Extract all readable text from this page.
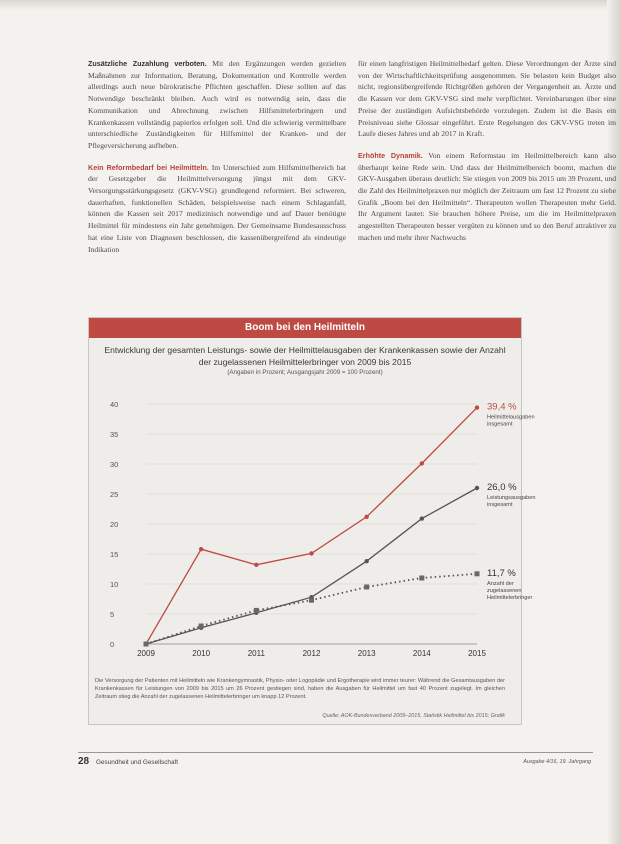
Zusätzliche Zuzahlung verboten. Mit den Ergänzungen werden gezielten Maßnahmen zur Information, Beratung, Dokumentation und Kontrolle werden allerdings auch neue bürokratische Pflichten geschaffen. Diese sollten auf das Notwendige beschränkt bleiben. Auch wird es notwendig sein, dass die Kommunikation und Abrechnung zwischen Hilfsmittelerbringern und Krankenkassen vollständig papierlos erfolgen soll. Und die schwierig vermittelbare unterschiedliche Zuständigkeiten für Hilfsmittel der Kranken- und der Pflegeversicherung aufheben.

Kein Reformbedarf bei Heilmitteln. Im Unterschied zum Hilfsmittelbereich hat der Gesetzgeber die Heilmittelversorgung jüngst mit dem GKV-Versorgungsstärkungsgesetz (GKV-VSG) grundlegend reformiert. Bei schweren, dauerhaften, funktionellen Schäden, beispielsweise nach einem Schlaganfall, können die Kassen seit 2017 medizinisch notwendige und auf Dauer benötigte Heilmittel für mindestens ein Jahr genehmigen. Der Gemeinsame Bundesausschuss hat eine Liste von Diagnosen beschlossen, die kassenübergreifend als eindeutige Indikation

für einen langfristigen Heilmittelbedarf gelten. Diese Verordnungen der Ärzte sind von der Wirtschaftlichkeitsprüfung ausgenommen. Sie belasten kein Budget also nicht, regionsübergreifende Richtgrößen gehören der Vergangenheit an. Ärzte und die Kassen vor dem GKV-VSG sind mehr verpflichtet. Vereinbarungen über eine Preise der zuständigen Aufsichtsbehörde vorzulegen. Zudem ist die Basis ein Preisniveau siehe Glossar eingeführt. Erste Regelungen des GKV-VSG treten im Laufe dieses Jahres und ab 2017 in Kraft.

Erhöhte Dynamik. Von einem Reformstau im Heilmittelbereich kann also überhaupt keine Rede sein. Und dass der Heilmittelbereich boomt, machen die GKV-Ausgaben überaus deutlich: Sie stiegen von 2009 bis 2015 um 39 Prozent, und die Zahl des Heilmittelpraxen nur möglich der Zeitraum um fast 12 Prozent zu siehe Grafik „Boom bei den Heilmitteln“. Therapeuten wollen Therapeuten mehr Geld. Ihr Argument lautet: Sie brauchen höhere Preise, um die im Heilmittelpraxen angestellten Therapeuten besser vergüten zu können und so den Beruf attraktiver zu machen und mehr ihrer Nachwuchs

Boom bei den Heilmitteln
Entwicklung der gesamten Leistungs- sowie der Heilmittelausgaben der Krankenkassen sowie der Anzahl der zugelassenen Heilmittelerbringer von 2009 bis 2015
(Angaben in Prozent; Ausgangsjahr 2009 = 100 Prozent)
0
5
10
15
20
25
30
35
40
2009	2010	2011	2012	2013	2014	2015
39,4 %
Heilmittelausgaben
insgesamt
26,0 %
Leistungsausgaben
insgesamt
11,7 %
Anzahl der
zugelassenen
Heilmittelerbringer
Die Versorgung der Patienten mit Heilmitteln wie Krankengymnastik, Physio- oder Logopädie und Ergotherapie wird immer teurer: Während die Gesamtausgaben der Krankenkassen für Leistungen von 2009 bis 2015 um 26 Prozent gestiegen sind, haben die Ausgaben für Heilmittel um fast 40 Prozent zugelegt. Im gleichen Zeitraum stieg die Anzahl der zugelassenen Heilmittelerbringer um knapp 12 Prozent.
Quelle: AOK-Bundesverband 2009–2015, Statistik Heilmittel bis 2015; Grafik
28 Gesundheit und Gesellschaft	Ausgabe 4/16, 19. Jahrgang
